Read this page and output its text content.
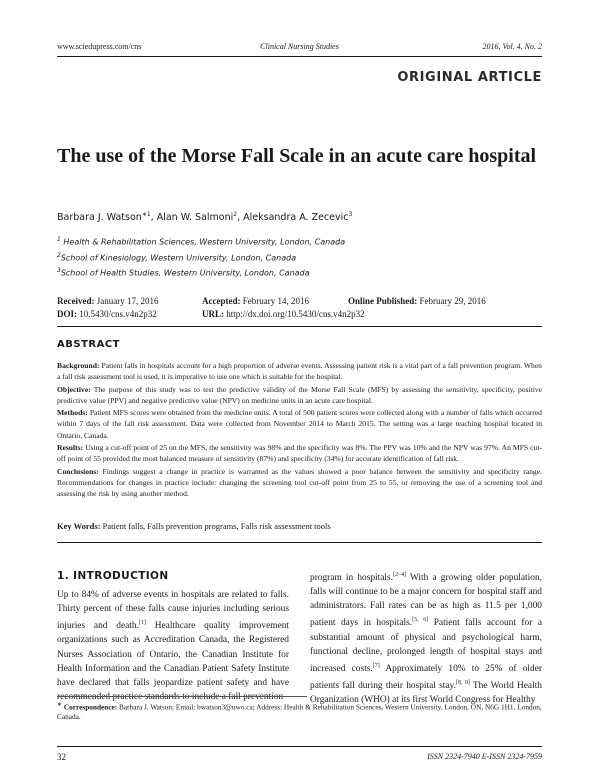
www.sciedupress.com/cns	Clinical Nursing Studies	2016, Vol. 4, No. 2
ORIGINAL ARTICLE
The use of the Morse Fall Scale in an acute care hospital
Barbara J. Watson$^{∗1}$, Alan W. Salmoni$^2$, Aleksandra A. Zecevic$^3$
$^1$ Health & Rehabilitation Sciences, Western University, London, Canada
$^2$School of Kinesiology, Western University, London, Canada
$^3$School of Health Studies, Western University, London, Canada
Received: January 17, 2016	Accepted: February 14, 2016	Online Published: February 29, 2016
DOI: 10.5430/cns.v4n2p32	URL: http://dx.doi.org/10.5430/cns.v4n2p32
ABSTRACT

Background: Patient falls in hospitals account for a high proportion of adverse events. Assessing patient risk is a vital part of a fall prevention program. When a fall risk assessment tool is used, it is imperative to use one which is suitable for the hospital.

Objective: The purpose of this study was to test the predictive validity of the Morse Fall Scale (MFS) by assessing the sensitivity, specificity, positive predictive value (PPV) and negative predictive value (NPV) on medicine units in an acute care hospital.

Methods: Patient MFS scores were obtained from the medicine units. A total of 500 patient scores were collected along with a number of falls which occurred within 7 days of the fall risk assessment. Data were collected from November 2014 to March 2015. The setting was a large teaching hospital located in Ontario, Canada.

Results: Using a cut-off point of 25 on the MFS, the sensitivity was 98% and the specificity was 8%. The PPV was 10% and the NPV was 97%. An MFS cut-off point of 55 provided the most balanced measure of sensitivity (87%) and specificity (34%) for accurate identification of fall risk.

Conclusions: Findings suggest a change in practice is warranted as the values showed a poor balance between the sensitivity and specificity range. Recommendations for changes in practice include: changing the screening tool cut-off point from 25 to 55, or removing the use of a screening tool and assessing the risk by using another method.

Key Words: Patient falls, Falls prevention programs, Falls risk assessment tools
1. INTRODUCTION

Up to 84% of adverse events in hospitals are related to falls. Thirty percent of these falls cause injuries including serious injuries and death.[1] Healthcare quality improvement organizations such as Accreditation Canada, the Registered Nurses Association of Ontario, the Canadian Institute for Health Information and the Canadian Patient Safety Institute have declared that falls jeopardize patient safety and have

program in hospitals.[2–4] With a growing older population, falls will continue to be a major concern for hospital staff and administrators. Fall rates can be as high as 11.5 per 1,000 patient days in hospitals.[5, 6] Patient falls account for a substantial amount of physical and psychological harm, functional decline, prolonged length of hospital stays and increased costs.[7] Approximately 10% to 25% of older patients fall during their hospital stay.[8, 9] The World Health Organization (WHO) at its first World Congress for Healthy

∗ Correspondence: Barbara J. Watson; Email: bwatson3@uwo.ca; Address: Health & Rehabilitation Sciences, Western University, London, ON, N6G 1H1, London, Canada.
32	ISSN 2324-7940 E-ISSN 2324-7959
